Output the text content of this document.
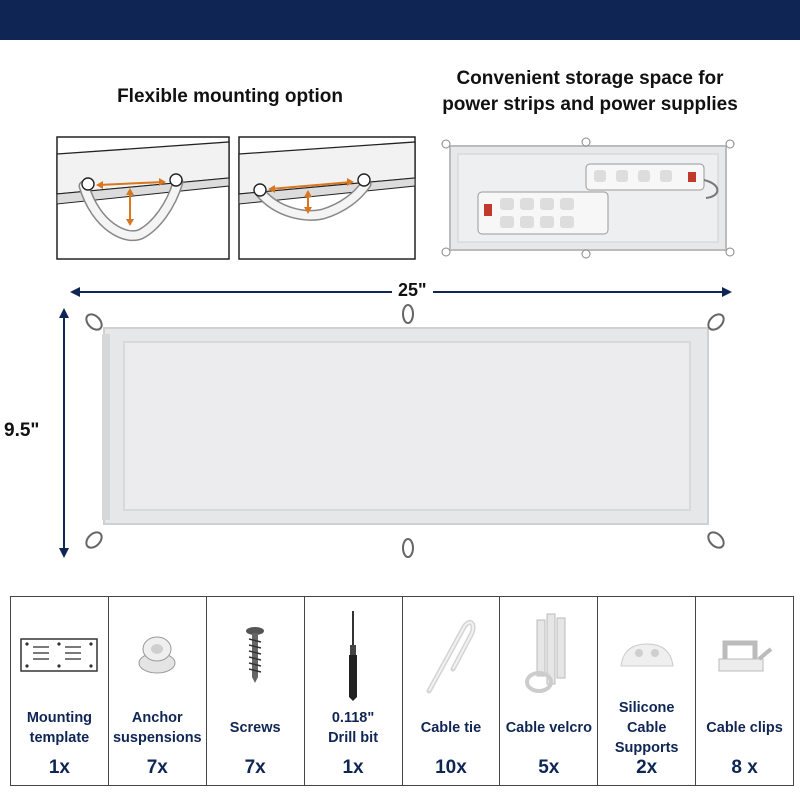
Flexible mounting option
Convenient storage space for
power strips and power supplies
25"
9.5"
Mounting
template
1x
Anchor
suspensions
7x
Screws
7x
0.118"
Drill bit
1x
Cable tie
10x
Cable velcro
5x
Silicone
Cable Supports
2x
Cable clips
8 x
